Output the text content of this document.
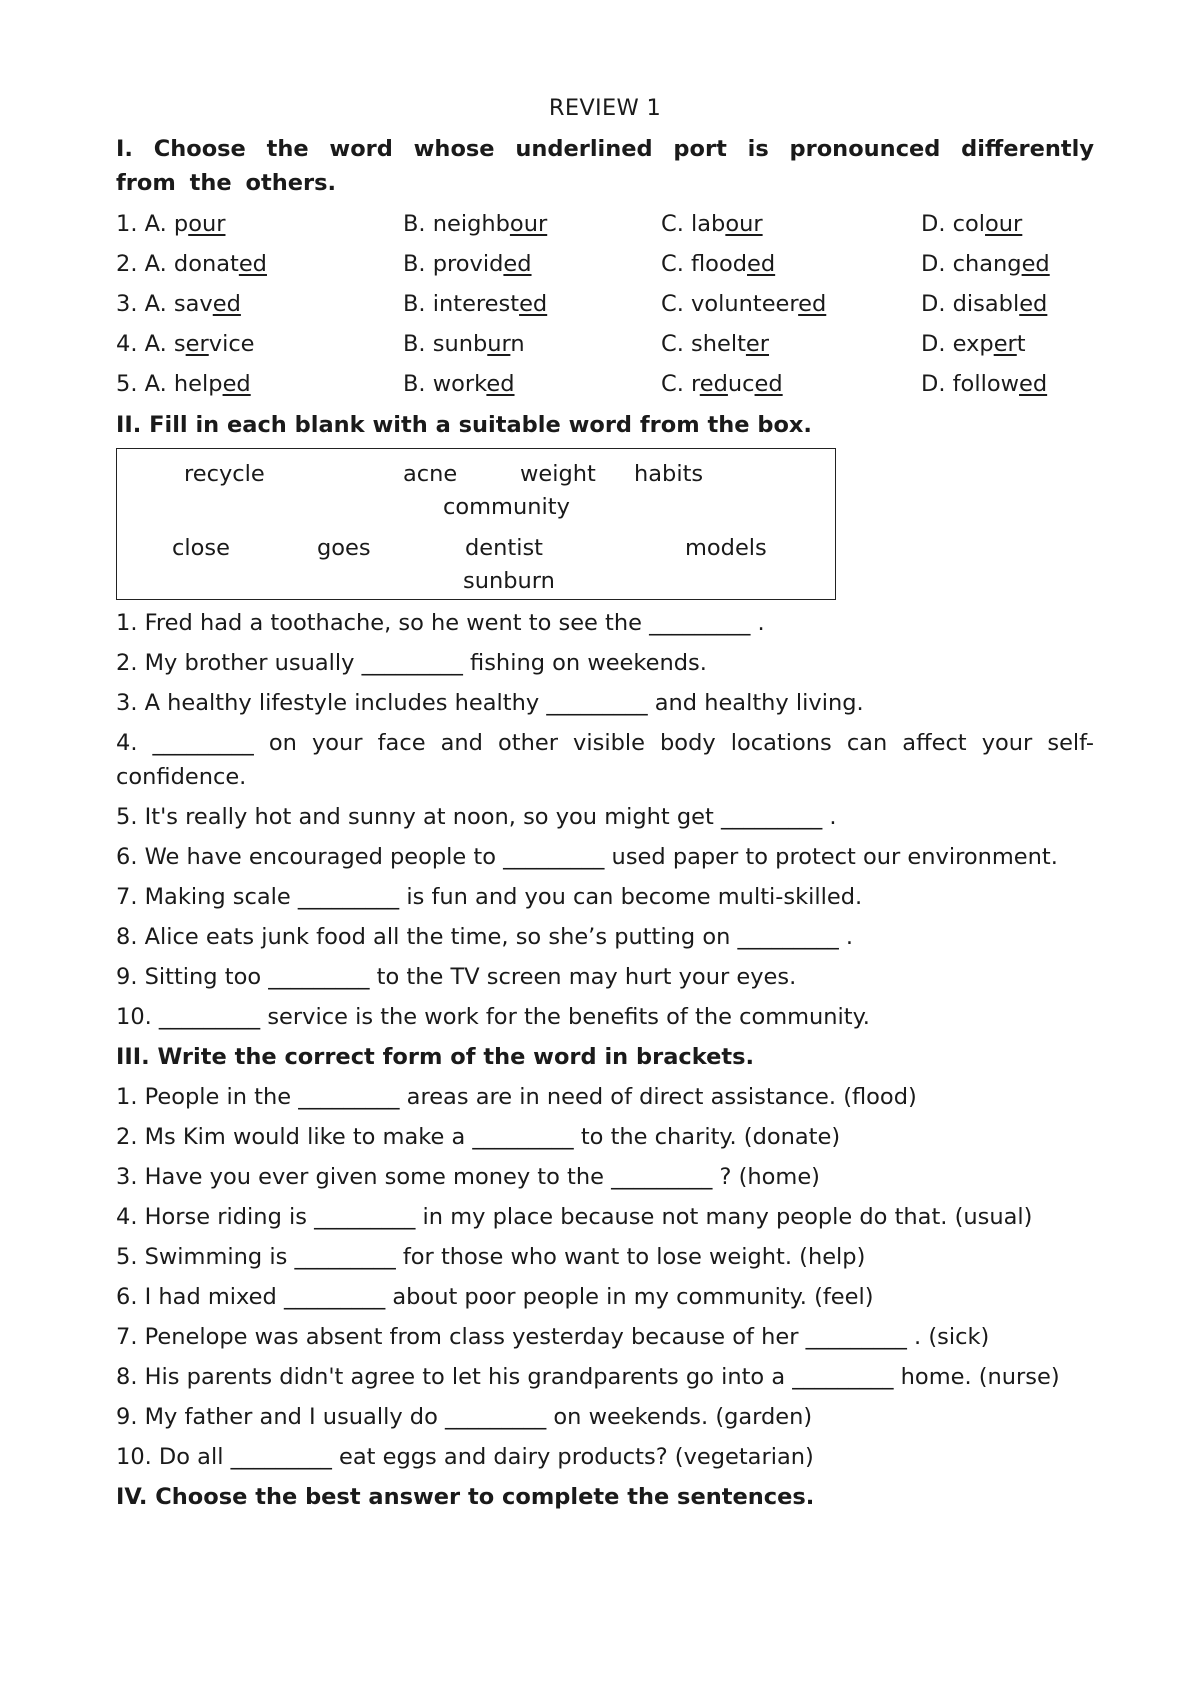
REVIEW 1
I. Choose the word whose underlined port is pronounced differently from the others.
1. A. pour	B. neighbour	C. labour	D. colour
2. A. donated	B. provided	C. flooded	D. changed
3. A. saved	B. interested	C. volunteered	D. disabled
4. A. service	B. sunburn	C. shelter	D. expert
5. A. helped	B. worked	C. reduced	D. followed
II. Fill in each blank with a suitable word from the box.
recycle	acne	weight habits
community
close	goes	dentist	models
sunburn
1. Fred had a toothache, so he went to see the _________ .
2. My brother usually _________ fishing on weekends.
3. A healthy lifestyle includes healthy _________ and healthy living.
4. _________ on your face and other visible body locations can affect your self-confidence.
5. It's really hot and sunny at noon, so you might get _________ .
6. We have encouraged people to _________ used paper to protect our environment.
7. Making scale _________ is fun and you can become multi-skilled.
8. Alice eats junk food all the time, so she’s putting on _________ .
9. Sitting too _________ to the TV screen may hurt your eyes.
10. _________ service is the work for the benefits of the community.
III. Write the correct form of the word in brackets.
1. People in the _________ areas are in need of direct assistance. (flood)
2. Ms Kim would like to make a _________ to the charity. (donate)
3. Have you ever given some money to the _________ ? (home)
4. Horse riding is _________ in my place because not many people do that. (usual)
5. Swimming is _________ for those who want to lose weight. (help)
6. I had mixed _________ about poor people in my community. (feel)
7. Penelope was absent from class yesterday because of her _________ . (sick)
8. His parents didn't agree to let his grandparents go into a _________ home. (nurse)
9. My father and I usually do _________ on weekends. (garden)
10. Do all _________ eat eggs and dairy products? (vegetarian)
IV. Choose the best answer to complete the sentences.
